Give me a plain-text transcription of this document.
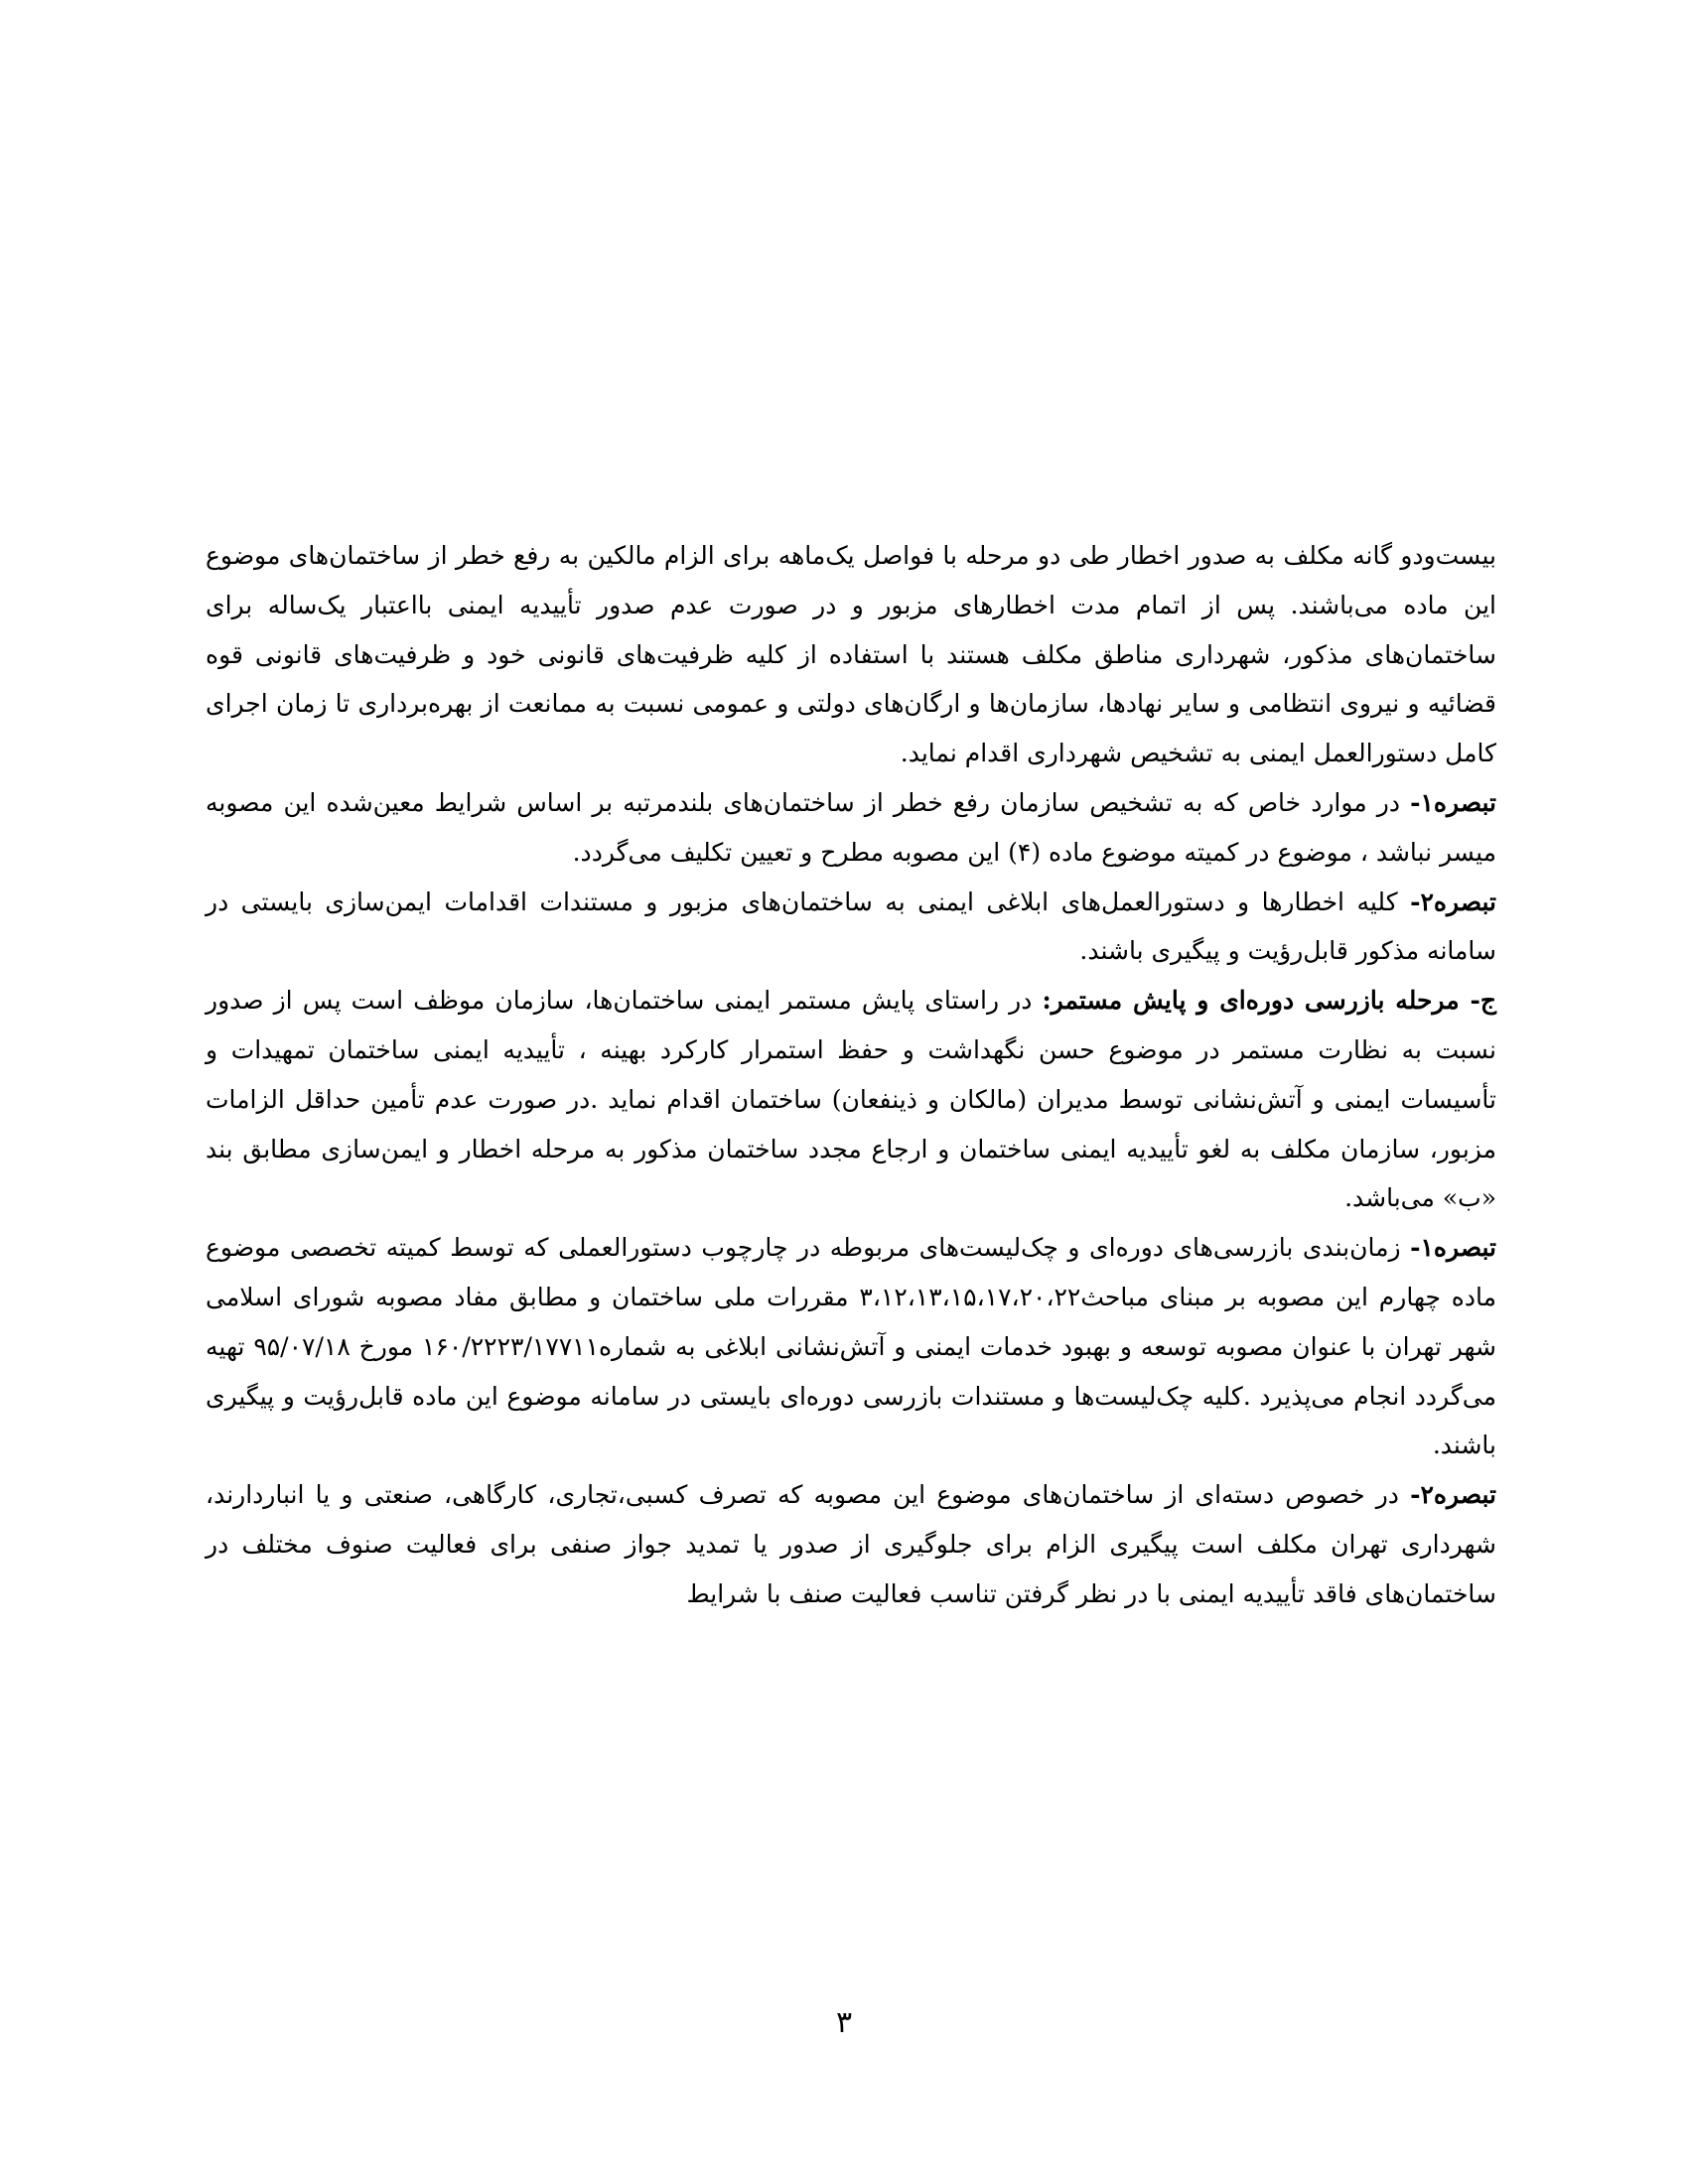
بیست‌ودو گانه مکلف به صدور اخطار طی دو مرحله با فواصل یک‌ماهه برای الزام مالکین به رفع خطر از ساختمان‌های موضوع این ماده می‌باشند. پس از اتمام مدت اخطارهای مزبور و در صورت عدم صدور تأییدیه ایمنی بااعتبار یک‌ساله برای ساختمان‌های مذکور، شهرداری مناطق مکلف هستند با استفاده از کلیه ظرفیت‌های قانونی خود و ظرفیت‌های قانونی قوه قضائیه و نیروی انتظامی و سایر نهادها، سازمان‌ها و ارگان‌های دولتی و عمومی نسبت به ممانعت از بهره‌برداری تا زمان اجرای کامل دستورالعمل ایمنی به تشخیص شهرداری اقدام نماید.

تبصره۱- در موارد خاص که به تشخیص سازمان رفع خطر از ساختمان‌های بلندمرتبه بر اساس شرایط معین‌شده این مصوبه میسر نباشد ، موضوع در کمیته موضوع ماده (۴) این مصوبه مطرح و تعیین تکلیف می‌گردد.

تبصره۲- کلیه اخطارها و دستورالعمل‌های ابلاغی ایمنی به ساختمان‌های مزبور و مستندات اقدامات ایمن‌سازی بایستی در سامانه مذکور قابل‌رؤیت و پیگیری باشند.

ج- مرحله بازرسی دوره‌ای و پایش مستمر: در راستای پایش مستمر ایمنی ساختمان‌ها، سازمان موظف است پس از صدور نسبت به نظارت مستمر در موضوع حسن نگهداشت و حفظ استمرار کارکرد بهینه ، تأییدیه ایمنی ساختمان تمهیدات و تأسیسات ایمنی و آتش‌نشانی توسط مدیران (مالکان و ذینفعان) ساختمان اقدام نماید .در صورت عدم تأمین حداقل الزامات مزبور، سازمان مکلف به لغو تأییدیه ایمنی ساختمان و ارجاع مجدد ساختمان مذکور به مرحله اخطار و ایمن‌سازی مطابق بند «ب» می‌باشد.

تبصره۱- زمان‌بندی بازرسی‌های دوره‌ای و چک‌لیست‌های مربوطه در چارچوب دستورالعملی که توسط کمیته تخصصی موضوع ماده چهارم این مصوبه بر مبنای مباحث۳،۱۲،۱۳،۱۵،۱۷،۲۰،۲۲ مقررات ملی ساختمان و مطابق مفاد مصوبه شورای اسلامی شهر تهران با عنوان مصوبه توسعه و بهبود خدمات ایمنی و آتش‌نشانی ابلاغی به شماره۱۶۰/۲۲۲۳/۱۷۷۱۱ مورخ ۹۵/۰۷/۱۸ تهیه می‌گردد انجام می‌پذیرد .کلیه چک‌لیست‌ها و مستندات بازرسی دوره‌ای بایستی در سامانه موضوع این ماده قابل‌رؤیت و پیگیری باشند.

تبصره۲- در خصوص دسته‌ای از ساختمان‌های موضوع این مصوبه که تصرف کسبی،تجاری، کارگاهی، صنعتی و یا انباردارند، شهرداری تهران مکلف است پیگیری الزام برای جلوگیری از صدور یا تمدید جواز صنفی برای فعالیت صنوف مختلف در ساختمان‌های فاقد تأییدیه ایمنی با در نظر گرفتن تناسب فعالیت صنف با شرایط

۳
